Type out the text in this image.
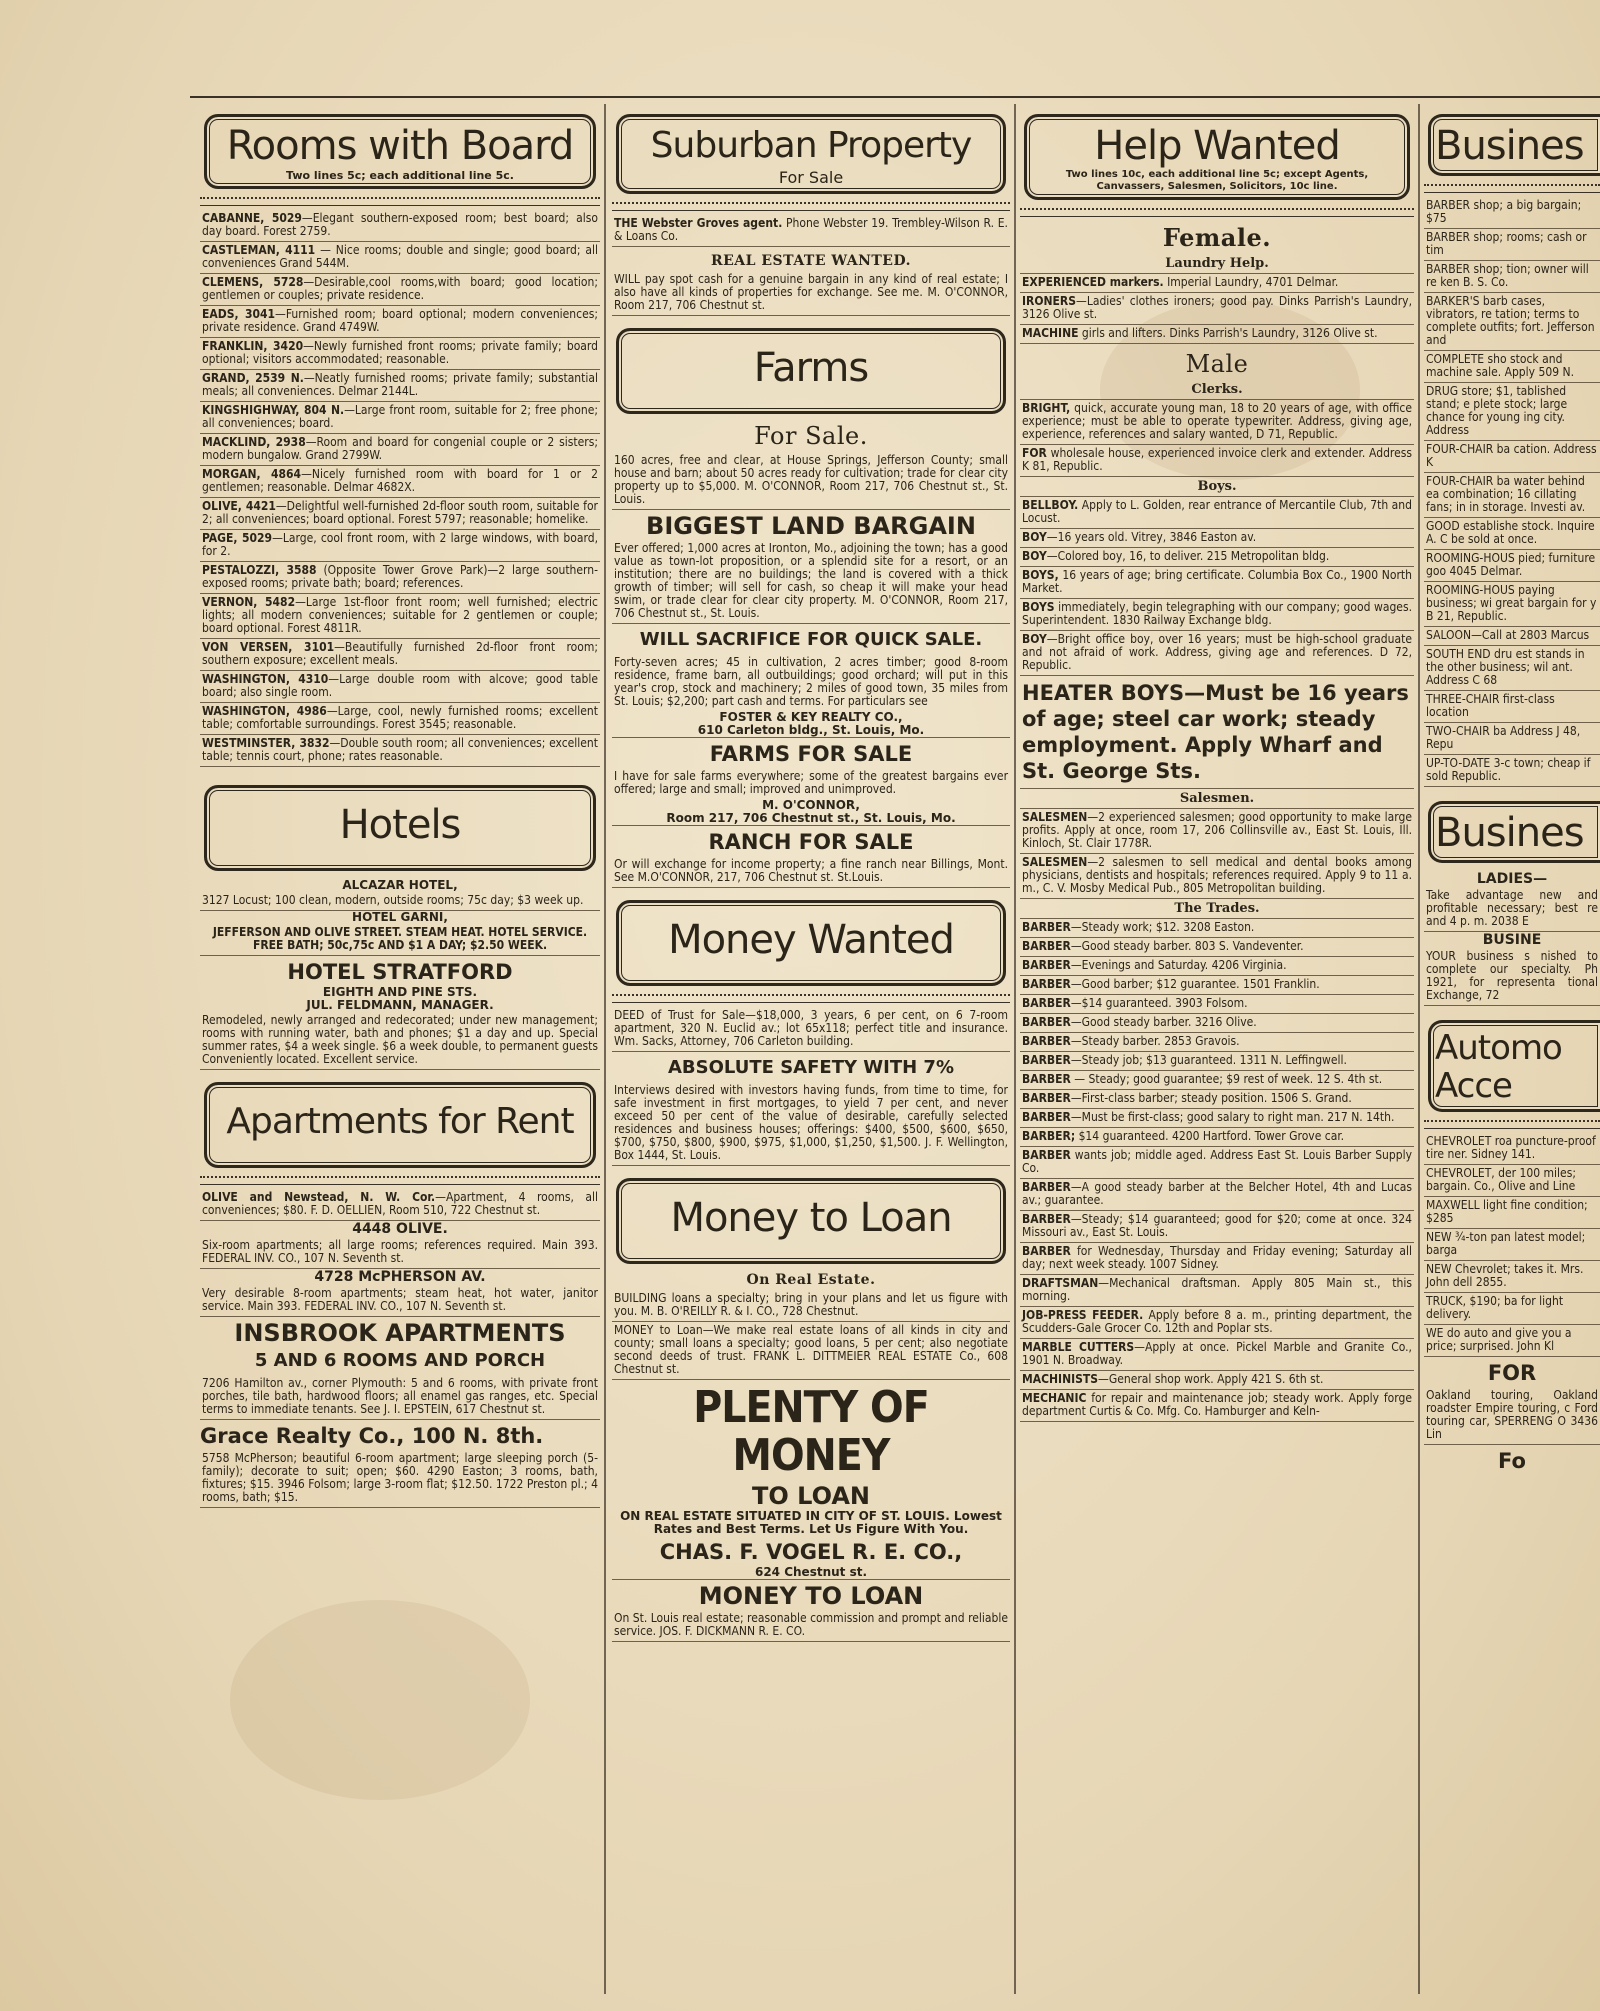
Rooms with Board
Two lines 5c; each additional line 5c.
CABANNE, 5029—Elegant southern-exposed room; best board; also day board. Forest 2759.
CASTLEMAN, 4111 — Nice rooms; double and single; good board; all conveniences Grand 544M.
CLEMENS, 5728—Desirable,cool rooms,with board; good location; gentlemen or couples; private residence.
EADS, 3041—Furnished room; board optional; modern conveniences; private residence. Grand 4749W.
FRANKLIN, 3420—Newly furnished front rooms; private family; board optional; visitors accommodated; reasonable.
GRAND, 2539 N.—Neatly furnished rooms; private family; substantial meals; all conveniences. Delmar 2144L.
KINGSHIGHWAY, 804 N.—Large front room, suitable for 2; free phone; all conveniences; board.
MACKLIND, 2938—Room and board for congenial couple or 2 sisters; modern bungalow. Grand 2799W.
MORGAN, 4864—Nicely furnished room with board for 1 or 2 gentlemen; reasonable. Delmar 4682X.
OLIVE, 4421—Delightful well-furnished 2d-floor south room, suitable for 2; all conveniences; board optional. Forest 5797; reasonable; homelike.
PAGE, 5029—Large, cool front room, with 2 large windows, with board, for 2.
PESTALOZZI, 3588 (Opposite Tower Grove Park)—2 large southern-exposed rooms; private bath; board; references.
VERNON, 5482—Large 1st-floor front room; well furnished; electric lights; all modern conveniences; suitable for 2 gentlemen or couple; board optional. Forest 4811R.
VON VERSEN, 3101—Beautifully furnished 2d-floor front room; southern exposure; excellent meals.
WASHINGTON, 4310—Large double room with alcove; good table board; also single room.
WASHINGTON, 4986—Large, cool, newly furnished rooms; excellent table; comfortable surroundings. Forest 3545; reasonable.
WESTMINSTER, 3832—Double south room; all conveniences; excellent table; tennis court, phone; rates reasonable.
Hotels
ALCAZAR HOTEL,
3127 Locust; 100 clean, modern, outside rooms; 75c day; $3 week up.
HOTEL GARNI,
JEFFERSON AND OLIVE STREET. STEAM HEAT. HOTEL SERVICE. FREE BATH; 50c,75c AND $1 A DAY; $2.50 WEEK.
HOTEL STRATFORD
EIGHTH AND PINE STS.
JUL. FELDMANN, MANAGER.
Remodeled, newly arranged and redecorated; under new management; rooms with running water, bath and phones; $1 a day and up. Special summer rates, $4 a week single. $6 a week double, to permanent guests Conveniently located. Excellent service.
Apartments for Rent
OLIVE and Newstead, N. W. Cor.—Apartment, 4 rooms, all conveniences; $80. F. D. OELLIEN, Room 510, 722 Chestnut st.
4448 OLIVE.
Six-room apartments; all large rooms; references required. Main 393. FEDERAL INV. CO., 107 N. Seventh st.
4728 McPHERSON AV.
Very desirable 8-room apartments; steam heat, hot water, janitor service. Main 393. FEDERAL INV. CO., 107 N. Seventh st.
INSBROOK APARTMENTS
5 AND 6 ROOMS AND PORCH
7206 Hamilton av., corner Plymouth: 5 and 6 rooms, with private front porches, tile bath, hardwood floors; all enamel gas ranges, etc. Special terms to immediate tenants. See J. I. EPSTEIN, 617 Chestnut st.
Grace Realty Co., 100 N. 8th.
5758 McPherson; beautiful 6-room apartment; large sleeping porch (5-family); decorate to suit; open; $60. 4290 Easton; 3 rooms, bath, fixtures; $15. 3946 Folsom; large 3-room flat; $12.50. 1722 Preston pl.; 4 rooms, bath; $15.
Suburban Property
For Sale
THE Webster Groves agent. Phone Webster 19. Trembley-Wilson R. E. & Loans Co.
REAL ESTATE WANTED.
WILL pay spot cash for a genuine bargain in any kind of real estate; I also have all kinds of properties for exchange. See me. M. O'CONNOR, Room 217, 706 Chestnut st.
Farms
For Sale.
160 acres, free and clear, at House Springs, Jefferson County; small house and barn; about 50 acres ready for cultivation; trade for clear city property up to $5,000. M. O'CONNOR, Room 217, 706 Chestnut st., St. Louis.
BIGGEST LAND BARGAIN
Ever offered; 1,000 acres at Ironton, Mo., adjoining the town; has a good value as town-lot proposition, or a splendid site for a resort, or an institution; there are no buildings; the land is covered with a thick growth of timber; will sell for cash, so cheap it will make your head swim, or trade clear for clear city property. M. O'CONNOR, Room 217, 706 Chestnut st., St. Louis.
WILL SACRIFICE FOR QUICK SALE.
Forty-seven acres; 45 in cultivation, 2 acres timber; good 8-room residence, frame barn, all outbuildings; good orchard; will put in this year's crop, stock and machinery; 2 miles of good town, 35 miles from St. Louis; $2,200; part cash and terms. For particulars see
FOSTER & KEY REALTY CO.,
610 Carleton bldg., St. Louis, Mo.
FARMS FOR SALE
I have for sale farms everywhere; some of the greatest bargains ever offered; large and small; improved and unimproved.
M. O'CONNOR,
Room 217, 706 Chestnut st., St. Louis, Mo.
RANCH FOR SALE
Or will exchange for income property; a fine ranch near Billings, Mont. See M.O'CONNOR, 217, 706 Chestnut st. St.Louis.
Money Wanted
DEED of Trust for Sale—$18,000, 3 years, 6 per cent, on 6 7-room apartment, 320 N. Euclid av.; lot 65x118; perfect title and insurance. Wm. Sacks, Attorney, 706 Carleton building.
ABSOLUTE SAFETY WITH 7%
Interviews desired with investors having funds, from time to time, for safe investment in first mortgages, to yield 7 per cent, and never exceed 50 per cent of the value of desirable, carefully selected residences and business houses; offerings: $400, $500, $600, $650, $700, $750, $800, $900, $975, $1,000, $1,250, $1,500. J. F. Wellington, Box 1444, St. Louis.
Money to Loan
On Real Estate.
BUILDING loans a specialty; bring in your plans and let us figure with you. M. B. O'REILLY R. & I. CO., 728 Chestnut.
MONEY to Loan—We make real estate loans of all kinds in city and county; small loans a specialty; good loans, 5 per cent; also negotiate second deeds of trust. FRANK L. DITTMEIER REAL ESTATE Co., 608 Chestnut st.
PLENTY OF MONEY
TO LOAN
ON REAL ESTATE SITUATED IN CITY OF ST. LOUIS. Lowest Rates and Best Terms. Let Us Figure With You.
CHAS. F. VOGEL R. E. CO.,
624 Chestnut st.
MONEY TO LOAN
On St. Louis real estate; reasonable commission and prompt and reliable service. JOS. F. DICKMANN R. E. CO.
Help Wanted
Two lines 10c, each additional line 5c; except Agents, Canvassers, Salesmen, Solicitors, 10c line.
Female.
Laundry Help.
EXPERIENCED markers. Imperial Laundry, 4701 Delmar.
IRONERS—Ladies' clothes ironers; good pay. Dinks Parrish's Laundry, 3126 Olive st.
MACHINE girls and lifters. Dinks Parrish's Laundry, 3126 Olive st.
Male
Clerks.
BRIGHT, quick, accurate young man, 18 to 20 years of age, with office experience; must be able to operate typewriter. Address, giving age, experience, references and salary wanted, D 71, Republic.
FOR wholesale house, experienced invoice clerk and extender. Address K 81, Republic.
Boys.
BELLBOY. Apply to L. Golden, rear entrance of Mercantile Club, 7th and Locust.
BOY—16 years old. Vitrey, 3846 Easton av.
BOY—Colored boy, 16, to deliver. 215 Metropolitan bldg.
BOYS, 16 years of age; bring certificate. Columbia Box Co., 1900 North Market.
BOYS immediately, begin telegraphing with our company; good wages. Superintendent. 1830 Railway Exchange bldg.
BOY—Bright office boy, over 16 years; must be high-school graduate and not afraid of work. Address, giving age and references. D 72, Republic.
HEATER BOYS—Must be 16 years of age; steel car work; steady employment. Apply Wharf and St. George Sts.
Salesmen.
SALESMEN—2 experienced salesmen; good opportunity to make large profits. Apply at once, room 17, 206 Collinsville av., East St. Louis, Ill. Kinloch, St. Clair 1778R.
SALESMEN—2 salesmen to sell medical and dental books among physicians, dentists and hospitals; references required. Apply 9 to 11 a. m., C. V. Mosby Medical Pub., 805 Metropolitan building.
The Trades.
BARBER—Steady work; $12. 3208 Easton.
BARBER—Good steady barber. 803 S. Vandeventer.
BARBER—Evenings and Saturday. 4206 Virginia.
BARBER—Good barber; $12 guarantee. 1501 Franklin.
BARBER—$14 guaranteed. 3903 Folsom.
BARBER—Good steady barber. 3216 Olive.
BARBER—Steady barber. 2853 Gravois.
BARBER—Steady job; $13 guaranteed. 1311 N. Leffingwell.
BARBER — Steady; good guarantee; $9 rest of week. 12 S. 4th st.
BARBER—First-class barber; steady position. 1506 S. Grand.
BARBER—Must be first-class; good salary to right man. 217 N. 14th.
BARBER; $14 guaranteed. 4200 Hartford. Tower Grove car.
BARBER wants job; middle aged. Address East St. Louis Barber Supply Co.
BARBER—A good steady barber at the Belcher Hotel, 4th and Lucas av.; guarantee.
BARBER—Steady; $14 guaranteed; good for $20; come at once. 324 Missouri av., East St. Louis.
BARBER for Wednesday, Thursday and Friday evening; Saturday all day; next week steady. 1007 Sidney.
DRAFTSMAN—Mechanical draftsman. Apply 805 Main st., this morning.
JOB-PRESS FEEDER. Apply before 8 a. m., printing department, the Scudders-Gale Grocer Co. 12th and Poplar sts.
MARBLE CUTTERS—Apply at once. Pickel Marble and Granite Co., 1901 N. Broadway.
MACHINISTS—General shop work. Apply 421 S. 6th st.
MECHANIC for repair and maintenance job; steady work. Apply forge department Curtis & Co. Mfg. Co. Hamburger and Keln-
Busines
BARBER shop; a big bargain; $75
BARBER shop; rooms; cash or tim
BARBER shop; tion; owner will re ken B. S. Co.
BARKER'S barb cases, vibrators, re tation; terms to complete outfits; fort. Jefferson and
COMPLETE sho stock and machine sale. Apply 509 N.
DRUG store; $1, tablished stand; e plete stock; large chance for young ing city. Address
FOUR-CHAIR ba cation. Address K
FOUR-CHAIR ba water behind ea combination; 16 cillating fans; in in storage. Investi av.
GOOD establishe stock. Inquire A. C be sold at once.
ROOMING-HOUS pied; furniture goo 4045 Delmar.
ROOMING-HOUS paying business; wi great bargain for y B 21, Republic.
SALOON—Call at 2803 Marcus
SOUTH END dru est stands in the other business; wil ant. Address C 68
THREE-CHAIR first-class location
TWO-CHAIR ba Address J 48, Repu
UP-TO-DATE 3-c town; cheap if sold Republic.
Busines
LADIES—
Take advantage new and profitable necessary; best re and 4 p. m. 2038 E
BUSINE
YOUR business s nished to complete our specialty. Ph 1921, for representa tional Exchange, 72
Automo Acce
CHEVROLET roa puncture-proof tire ner. Sidney 141.
CHEVROLET, der 100 miles; bargain. Co., Olive and Line
MAXWELL light fine condition; $285
NEW ¾-ton pan latest model; barga
NEW Chevrolet; takes it. Mrs. John dell 2855.
TRUCK, $190; ba for light delivery.
WE do auto and give you a price; surprised. John Kl
FOR
Oakland touring, Oakland roadster Empire touring, c Ford touring car, SPERRENG O 3436 Lin
Fo
